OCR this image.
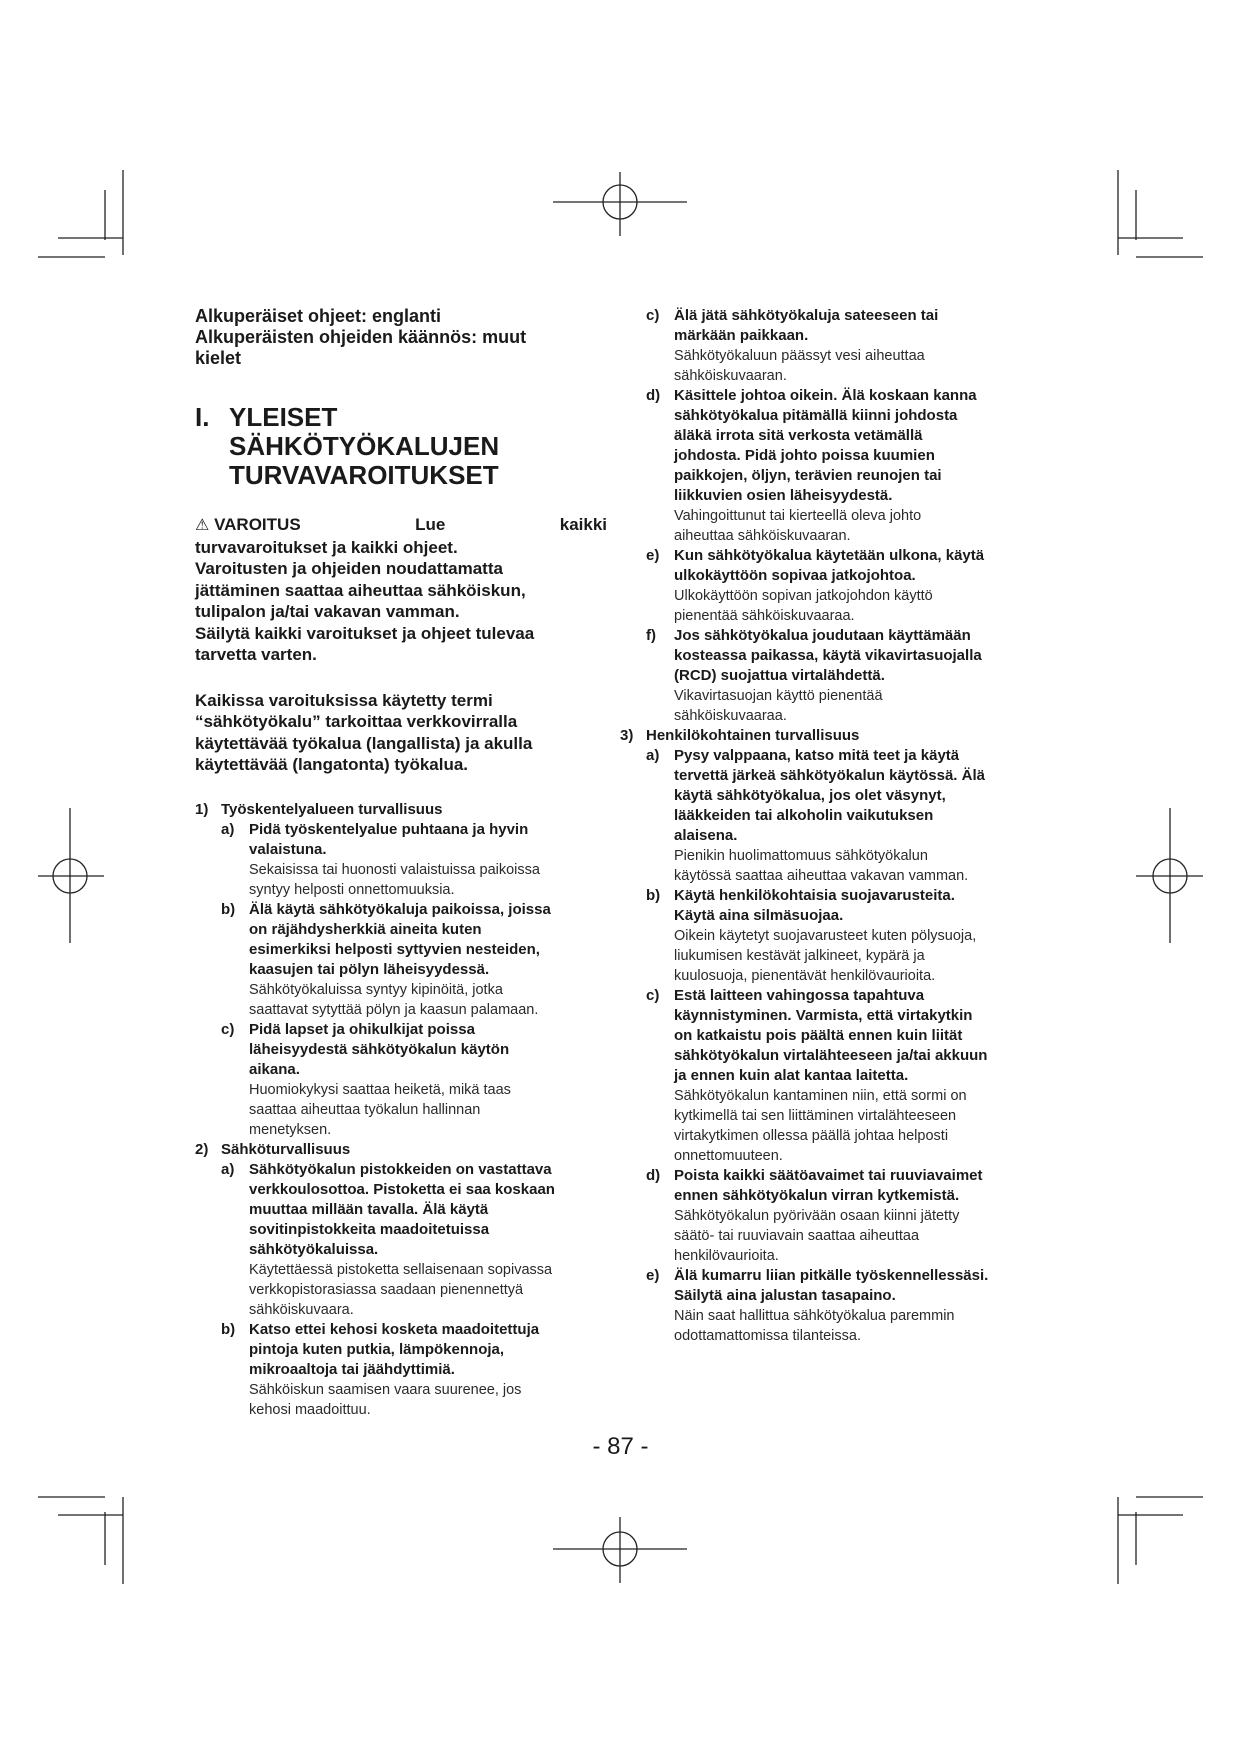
Alkuperäiset ohjeet: englanti
Alkuperäisten ohjeiden käännös: muut
kielet
I. YLEISET
SÄHKÖTYÖKALUJEN
TURVAVAROITUKSET
⚠ VAROITUS	Lue	kaikki
turvavaroitukset ja kaikki ohjeet.
Varoitusten ja ohjeiden noudattamatta
jättäminen saattaa aiheuttaa sähköiskun,
tulipalon ja/tai vakavan vamman.
Säilytä kaikki varoitukset ja ohjeet tulevaa
tarvetta varten.
Kaikissa varoituksissa käytetty termi
“sähkötyökalu” tarkoittaa verkkovirralla
käytettävää työkalua (langallista) ja akulla
käytettävää (langatonta) työkalua.
1) Työskentelyalueen turvallisuus
a) Pidä työskentelyalue puhtaana ja hyvin
valaistuna.
Sekaisissa tai huonosti valaistuissa paikoissa
syntyy helposti onnettomuuksia.
b) Älä käytä sähkötyökaluja paikoissa, joissa
on räjähdysherkkiä aineita kuten
esimerkiksi helposti syttyvien nesteiden,
kaasujen tai pölyn läheisyydessä.
Sähkötyökaluissa syntyy kipinöitä, jotka
saattavat sytyttää pölyn ja kaasun palamaan.
c) Pidä lapset ja ohikulkijat poissa
läheisyydestä sähkötyökalun käytön
aikana.
Huomiokykysi saattaa heiketä, mikä taas
saattaa aiheuttaa työkalun hallinnan
menetyksen.
2) Sähköturvallisuus
a) Sähkötyökalun pistokkeiden on vastattava
verkkoulosottoa. Pistoketta ei saa koskaan
muuttaa millään tavalla. Älä käytä
sovitinpistokkeita maadoitetuissa
sähkötyökaluissa.
Käytettäessä pistoketta sellaisenaan sopivassa
verkkopistorasiassa saadaan pienennettyä
sähköiskuvaara.
b) Katso ettei kehosi kosketa maadoitettuja
pintoja kuten putkia, lämpökennoja,
mikroaaltoja tai jäähdyttimiä.
Sähköiskun saamisen vaara suurenee, jos
kehosi maadoittuu.
c) Älä jätä sähkötyökaluja sateeseen tai
märkään paikkaan.
Sähkötyökaluun päässyt vesi aiheuttaa
sähköiskuvaaran.
d) Käsittele johtoa oikein. Älä koskaan kanna
sähkötyökalua pitämällä kiinni johdosta
äläkä irrota sitä verkosta vetämällä
johdosta. Pidä johto poissa kuumien
paikkojen, öljyn, terävien reunojen tai
liikkuvien osien läheisyydestä.
Vahingoittunut tai kierteellä oleva johto
aiheuttaa sähköiskuvaaran.
e) Kun sähkötyökalua käytetään ulkona, käytä
ulkokäyttöön sopivaa jatkojohtoa.
Ulkokäyttöön sopivan jatkojohdon käyttö
pienentää sähköiskuvaaraa.
f) Jos sähkötyökalua joudutaan käyttämään
kosteassa paikassa, käytä vikavirtasuojalla
(RCD) suojattua virtalähdettä.
Vikavirtasuojan käyttö pienentää
sähköiskuvaaraa.
3) Henkilökohtainen turvallisuus
a) Pysy valppaana, katso mitä teet ja käytä
tervettä järkeä sähkötyökalun käytössä. Älä
käytä sähkötyökalua, jos olet väsynyt,
lääkkeiden tai alkoholin vaikutuksen
alaisena.
Pienikin huolimattomuus sähkötyökalun
käytössä saattaa aiheuttaa vakavan vamman.
b) Käytä henkilökohtaisia suojavarusteita.
Käytä aina silmäsuojaa.
Oikein käytetyt suojavarusteet kuten pölysuoja,
liukumisen kestävät jalkineet, kypärä ja
kuulosuoja, pienentävät henkilövaurioita.
c) Estä laitteen vahingossa tapahtuva
käynnistyminen. Varmista, että virtakytkin
on katkaistu pois päältä ennen kuin liität
sähkötyökalun virtalähteeseen ja/tai akkuun
ja ennen kuin alat kantaa laitetta.
Sähkötyökalun kantaminen niin, että sormi on
kytkimellä tai sen liittäminen virtalähteeseen
virtakytkimen ollessa päällä johtaa helposti
onnettomuuteen.
d) Poista kaikki säätöavaimet tai ruuviavaimet
ennen sähkötyökalun virran kytkemistä.
Sähkötyökalun pyörivään osaan kiinni jätetty
säätö- tai ruuviavain saattaa aiheuttaa
henkilövaurioita.
e) Älä kumarru liian pitkälle työskennellessäsi.
Säilytä aina jalustan tasapaino.
Näin saat hallittua sähkötyökalua paremmin
odottamattomissa tilanteissa.
- 87 -
